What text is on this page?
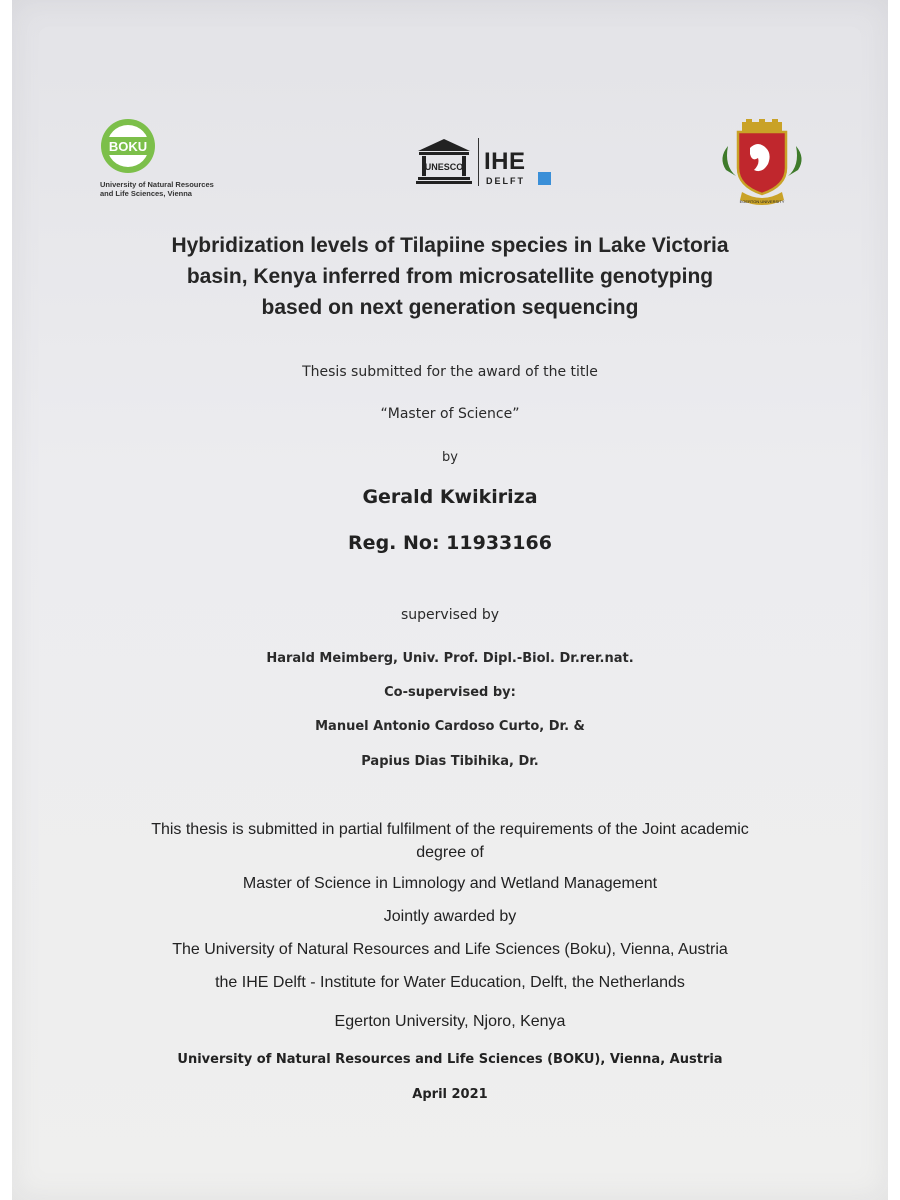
BOKU
University of Natural Resources
and Life Sciences, Vienna
UNESCO IHE
DELFT
EGERTON UNIVERSITY
Hybridization levels of Tilapiine species in Lake Victoria
basin, Kenya inferred from microsatellite genotyping
based on next generation sequencing
Thesis submitted for the award of the title
“Master of Science”
by
Gerald Kwikiriza
Reg. No: 11933166
supervised by
Harald Meimberg, Univ. Prof. Dipl.-Biol. Dr.rer.nat.
Co-supervised by:
Manuel Antonio Cardoso Curto, Dr. &
Papius Dias Tibihika, Dr.
This thesis is submitted in partial fulfilment of the requirements of the Joint academic
degree of
Master of Science in Limnology and Wetland Management
Jointly awarded by
The University of Natural Resources and Life Sciences (Boku), Vienna, Austria
the IHE Delft - Institute for Water Education, Delft, the Netherlands
Egerton University, Njoro, Kenya
University of Natural Resources and Life Sciences (BOKU), Vienna, Austria
April 2021
